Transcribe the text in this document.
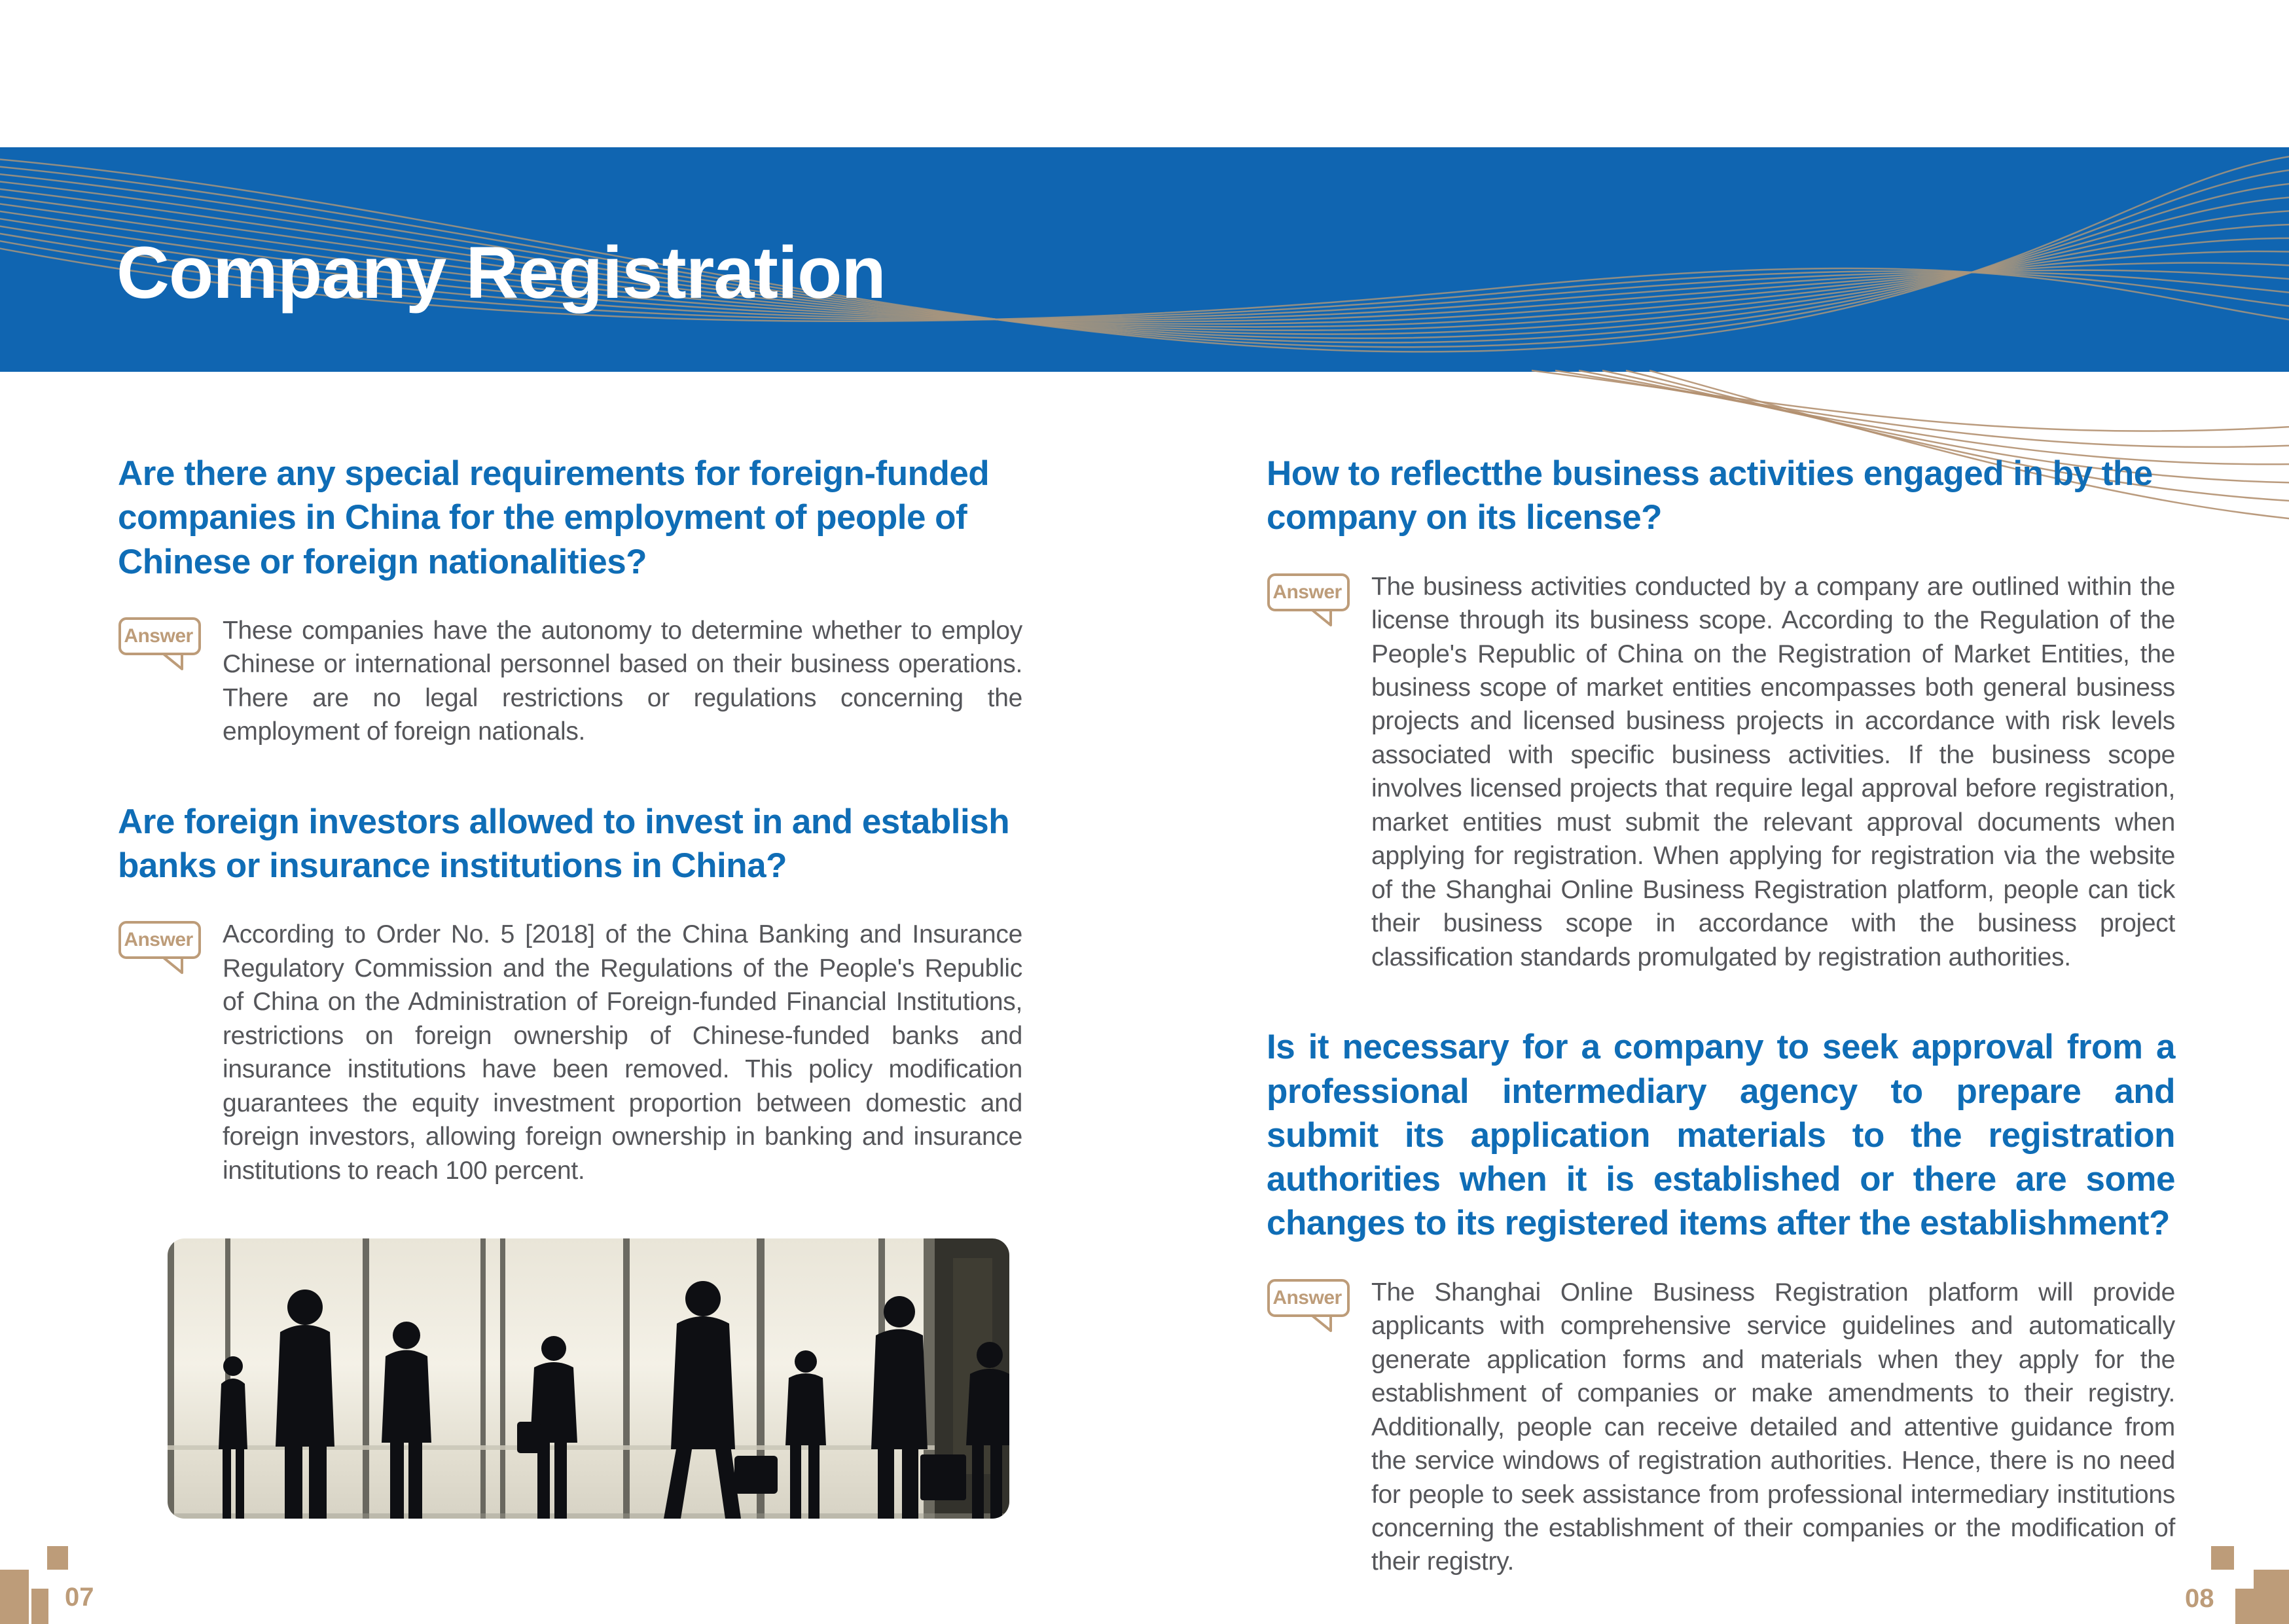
Company Registration
Are there any special requirements for foreign-funded companies in China for the employment of people of Chinese or foreign nationalities?
Answer These companies have the autonomy to determine whether to employ Chinese or international personnel based on their business operations. There are no legal restrictions or regulations concerning the employment of foreign nationals.
Are foreign investors allowed to invest in and establish banks or insurance institutions in China?
Answer According to Order No. 5 [2018] of the China Banking and Insurance Regulatory Commission and the Regulations of the People's Republic of China on the Administration of Foreign-funded Financial Institutions, restrictions on foreign ownership of Chinese-funded banks and insurance institutions have been removed. This policy modification guarantees the equity investment proportion between domestic and foreign investors, allowing foreign ownership in banking and insurance institutions to reach 100 percent.
How to reflectthe business activities engaged in by the company on its license?
Answer The business activities conducted by a company are outlined within the license through its business scope. According to the Regulation of the People's Republic of China on the Registration of Market Entities, the business scope of market entities encompasses both general business projects and licensed business projects in accordance with risk levels associated with specific business activities. If the business scope involves licensed projects that require legal approval before registration, market entities must submit the relevant approval documents when applying for registration. When applying for registration via the website of the Shanghai Online Business Registration platform, people can tick their business scope in accordance with the business project classification standards promulgated by registration authorities.
Is it necessary for a company to seek approval from a professional intermediary agency to prepare and submit its application materials to the registration authorities when it is established or there are some changes to its registered items after the establishment?
Answer The Shanghai Online Business Registration platform will provide applicants with comprehensive service guidelines and automatically generate application forms and materials when they apply for the establishment of companies or make amendments to their registry. Additionally, people can receive detailed and attentive guidance from the service windows of registration authorities. Hence, there is no need for people to seek assistance from professional intermediary institutions concerning the establishment of their companies or the modification of their registry.
07	08
